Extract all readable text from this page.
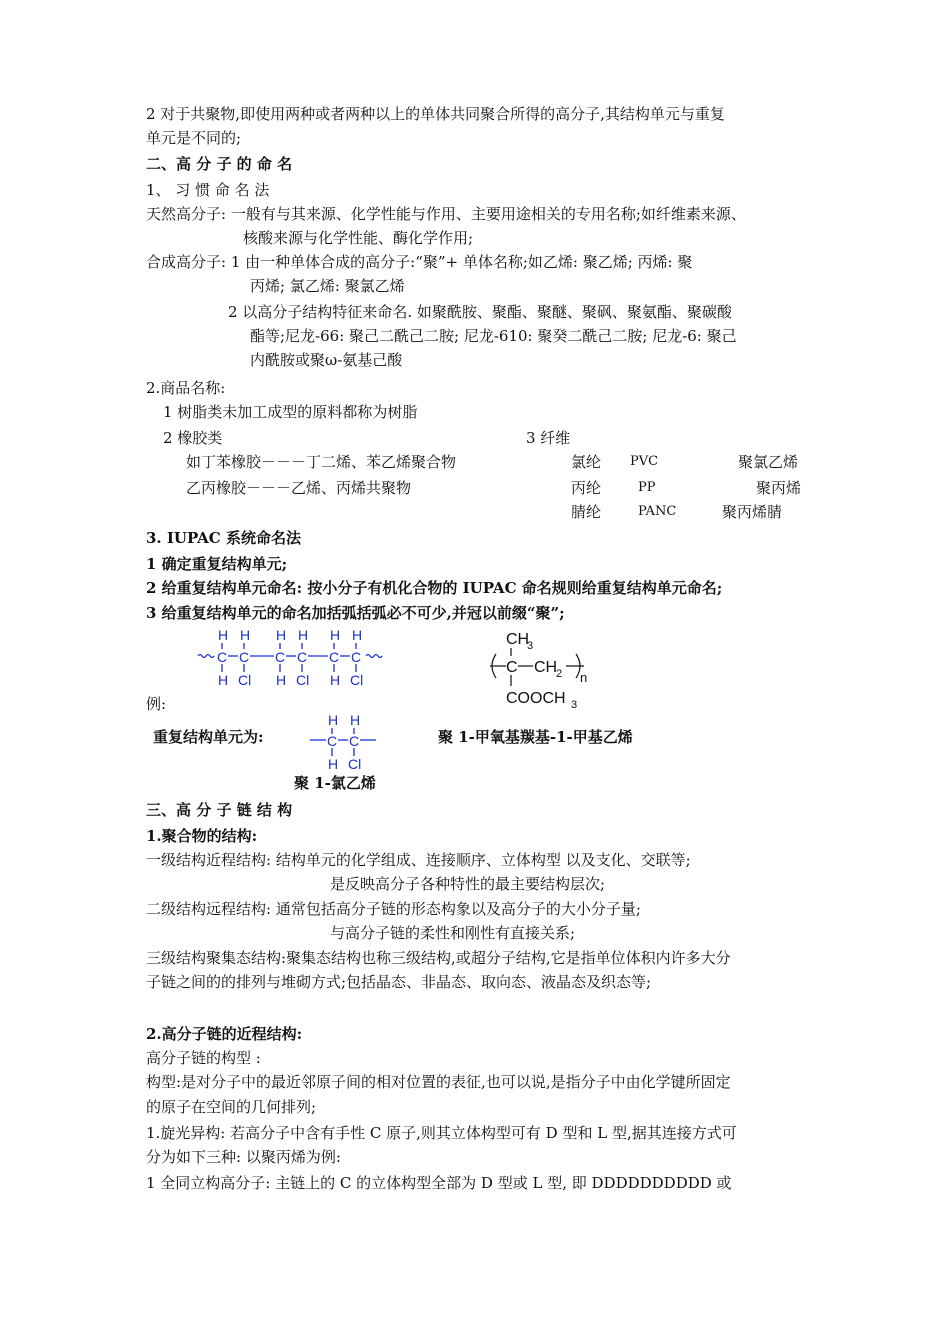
2 对于共聚物,即使用两种或者两种以上的单体共同聚合所得的高分子,其结构单元与重复
单元是不同的;
二、高 分 子 的 命 名
1、 习 惯 命 名 法
天然高分子: 一般有与其来源、化学性能与作用、主要用途相关的专用名称;如纤维素来源、
核酸来源与化学性能、酶化学作用;
合成高分子: 1 由一种单体合成的高分子:“聚”+ 单体名称;如乙烯: 聚乙烯; 丙烯: 聚
丙烯; 氯乙烯: 聚氯乙烯
2 以高分子结构特征来命名. 如聚酰胺、聚酯、聚醚、聚砜、聚氨酯、聚碳酸
酯等;尼龙-66: 聚己二酰己二胺; 尼龙-610: 聚癸二酰己二胺; 尼龙-6: 聚己
内酰胺或聚ω-氨基己酸
2.商品名称:
1 树脂类未加工成型的原料都称为树脂
2 橡胶类	3 纤维
如丁苯橡胶－－－丁二烯、苯乙烯聚合物
乙丙橡胶－－－乙烯、丙烯共聚物
氯纶 PVC	聚氯乙烯
丙纶	PP	聚丙烯
腈纶	PANC	聚丙烯腈
3. IUPAC 系统命名法
1 确定重复结构单元;
2 给重复结构单元命名: 按小分子有机化合物的 IUPAC 命名规则给重复结构单元命名;
3 给重复结构单元的命名加括弧括弧必不可少,并冠以前缀“聚”;
H H H H H H
C C C C C C
H Cl H Cl H Cl
CH
3
C CH
2 n
COOCH 3
例:
重复结构单元为:
H H
C C
H Cl
聚 1-甲氧基羰基-1-甲基乙烯
聚 1-氯乙烯
三、高 分 子 链 结 构
1.聚合物的结构:
一级结构近程结构: 结构单元的化学组成、连接顺序、立体构型 以及支化、交联等;
是反映高分子各种特性的最主要结构层次;
二级结构远程结构: 通常包括高分子链的形态构象以及高分子的大小分子量;
与高分子链的柔性和刚性有直接关系;
三级结构聚集态结构:聚集态结构也称三级结构,或超分子结构,它是指单位体积内许多大分
子链之间的的排列与堆砌方式;包括晶态、非晶态、取向态、液晶态及织态等;
2.高分子链的近程结构:
高分子链的构型 :
构型:是对分子中的最近邻原子间的相对位置的表征,也可以说,是指分子中由化学键所固定
的原子在空间的几何排列;
1.旋光异构: 若高分子中含有手性 C 原子,则其立体构型可有 D 型和 L 型,据其连接方式可
分为如下三种: 以聚丙烯为例:
1 全同立构高分子: 主链上的 C 的立体构型全部为 D 型或 L 型, 即 DDDDDDDDDD 或
